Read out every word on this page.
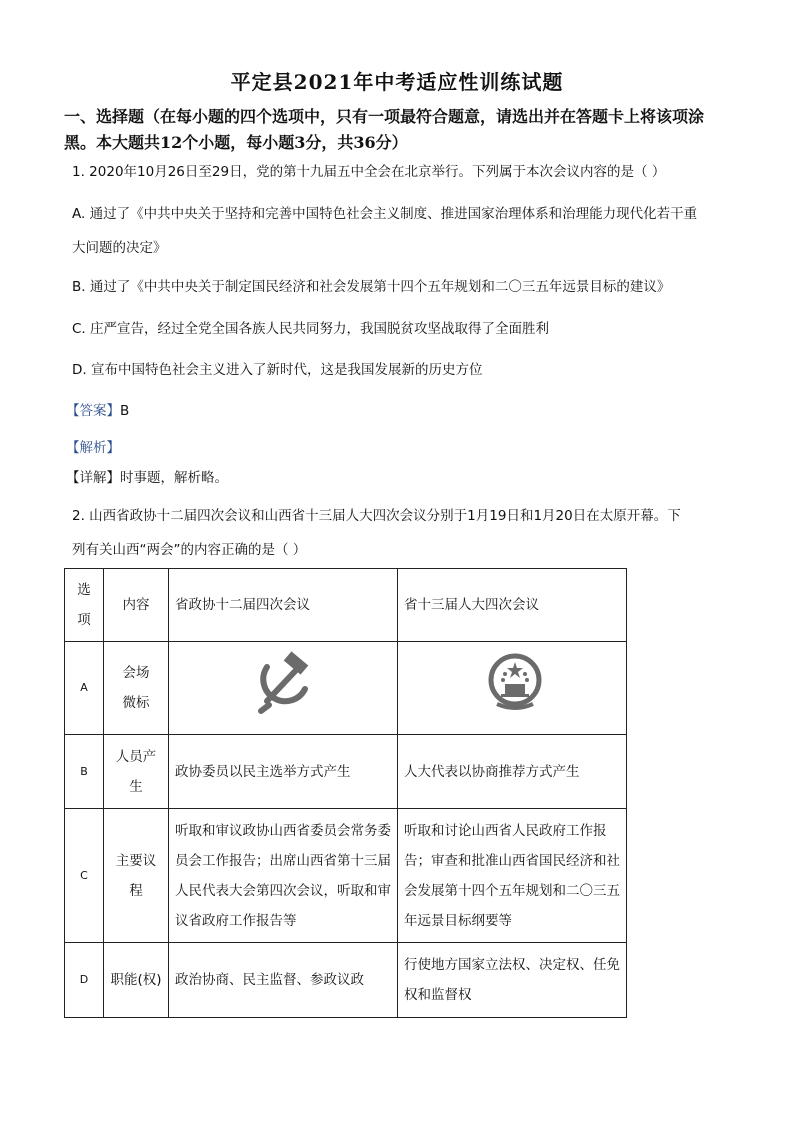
平定县2021年中考适应性训练试题
一、选择题（在每小题的四个选项中，只有一项最符合题意，请选出并在答题卡上将该项涂
黑。本大题共12个小题，每小题3分，共36分）
1. 2020年10月26日至29日，党的第十九届五中全会在北京举行。下列属于本次会议内容的是（ ）
A. 通过了《中共中央关于坚持和完善中国特色社会主义制度、推进国家治理体系和治理能力现代化若干重
大问题的决定》
B. 通过了《中共中央关于制定国民经济和社会发展第十四个五年规划和二〇三五年远景目标的建议》
C. 庄严宣告，经过全党全国各族人民共同努力，我国脱贫攻坚战取得了全面胜利
D. 宣布中国特色社会主义进入了新时代，这是我国发展新的历史方位
【答案】B
【解析】
【详解】时事题，解析略。
2. 山西省政协十二届四次会议和山西省十三届人大四次会议分别于1月19日和1月20日在太原开幕。下
列有关山西“两会”的内容正确的是（ ）
选项	内容	省政协十二届四次会议	省十三届人大四次会议
A	会场微标		
B	人员产生	政协委员以民主选举方式产生	人大代表以协商推荐方式产生
C	主要议程	听取和审议政协山西省委员会常务委员会工作报告；出席山西省第十三届人民代表大会第四次会议，听取和审议省政府工作报告等	听取和讨论山西省人民政府工作报告；审查和批准山西省国民经济和社会发展第十四个五年规划和二〇三五年远景目标纲要等
D	职能(权)	政治协商、民主监督、参政议政	行使地方国家立法权、决定权、任免权和监督权
